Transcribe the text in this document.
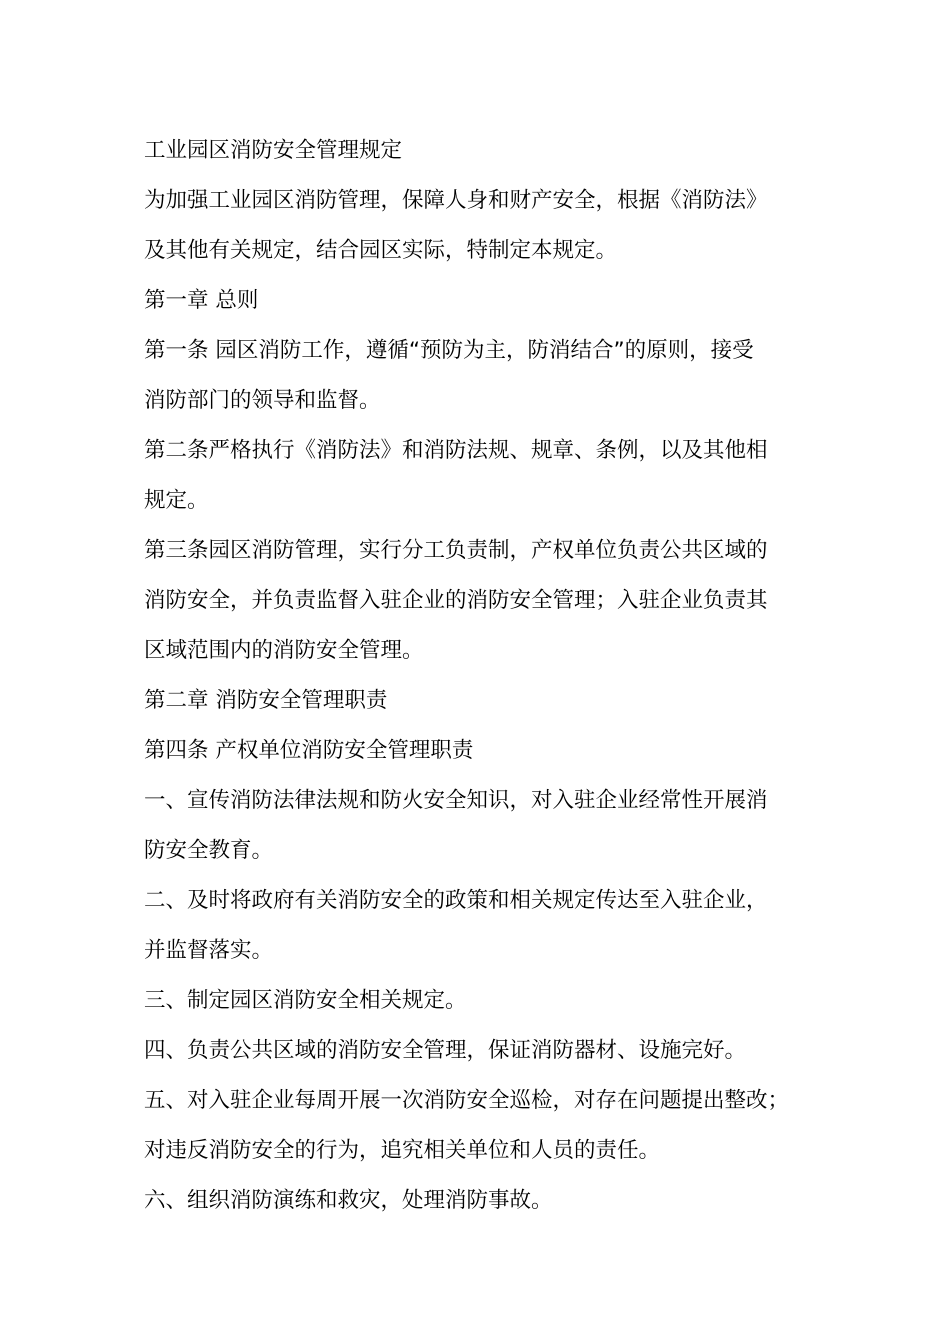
工业园区消防安全管理规定
为加强工业园区消防管理，保障人身和财产安全，根据《消防法》
及其他有关规定，结合园区实际，特制定本规定。
第一章 总则
第一条 园区消防工作，遵循“预防为主，防消结合”的原则，接受
消防部门的领导和监督。
第二条严格执行《消防法》和消防法规、规章、条例，以及其他相
规定。
第三条园区消防管理，实行分工负责制，产权单位负责公共区域的
消防安全，并负责监督入驻企业的消防安全管理；入驻企业负责其
区域范围内的消防安全管理。
第二章 消防安全管理职责
第四条 产权单位消防安全管理职责
一、宣传消防法律法规和防火安全知识，对入驻企业经常性开展消
防安全教育。
二、及时将政府有关消防安全的政策和相关规定传达至入驻企业，
并监督落实。
三、制定园区消防安全相关规定。
四、负责公共区域的消防安全管理，保证消防器材、设施完好。
五、对入驻企业每周开展一次消防安全巡检，对存在问题提出整改；
对违反消防安全的行为，追究相关单位和人员的责任。
六、组织消防演练和救灾，处理消防事故。
